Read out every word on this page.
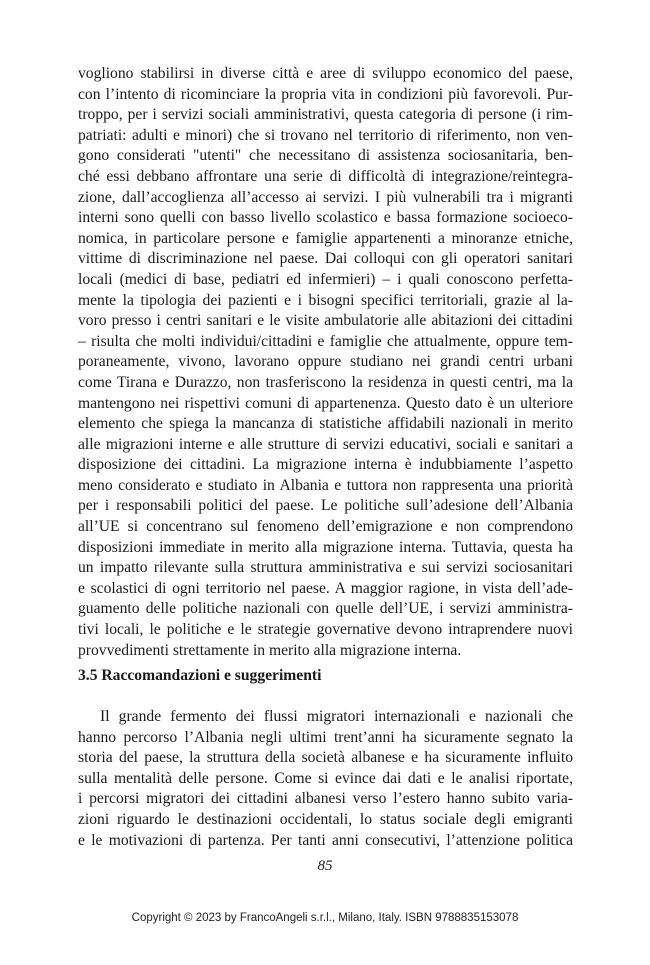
vogliono stabilirsi in diverse città e aree di sviluppo economico del paese,
con l’intento di ricominciare la propria vita in condizioni più favorevoli. Pur-
troppo, per i servizi sociali amministrativi, questa categoria di persone (i rim-
patriati: adulti e minori) che si trovano nel territorio di riferimento, non ven-
gono considerati "utenti" che necessitano di assistenza sociosanitaria, ben-
ché essi debbano affrontare una serie di difficoltà di integrazione/reintegra-
zione, dall’accoglienza all’accesso ai servizi. I più vulnerabili tra i migranti
interni sono quelli con basso livello scolastico e bassa formazione socioeco-
nomica, in particolare persone e famiglie appartenenti a minoranze etniche,
vittime di discriminazione nel paese. Dai colloqui con gli operatori sanitari
locali (medici di base, pediatri ed infermieri) – i quali conoscono perfetta-
mente la tipologia dei pazienti e i bisogni specifici territoriali, grazie al la-
voro presso i centri sanitari e le visite ambulatorie alle abitazioni dei cittadini
– risulta che molti individui/cittadini e famiglie che attualmente, oppure tem-
poraneamente, vivono, lavorano oppure studiano nei grandi centri urbani
come Tirana e Durazzo, non trasferiscono la residenza in questi centri, ma la
mantengono nei rispettivi comuni di appartenenza. Questo dato è un ulteriore
elemento che spiega la mancanza di statistiche affidabili nazionali in merito
alle migrazioni interne e alle strutture di servizi educativi, sociali e sanitari a
disposizione dei cittadini. La migrazione interna è indubbiamente l’aspetto
meno considerato e studiato in Albania e tuttora non rappresenta una priorità
per i responsabili politici del paese. Le politiche sull’adesione dell’Albania
all’UE si concentrano sul fenomeno dell’emigrazione e non comprendono
disposizioni immediate in merito alla migrazione interna. Tuttavia, questa ha
un impatto rilevante sulla struttura amministrativa e sui servizi sociosanitari
e scolastici di ogni territorio nel paese. A maggior ragione, in vista dell’ade-
guamento delle politiche nazionali con quelle dell’UE, i servizi amministra-
tivi locali, le politiche e le strategie governative devono intraprendere nuovi
provvedimenti strettamente in merito alla migrazione interna.
3.5 Raccomandazioni e suggerimenti
Il grande fermento dei flussi migratori internazionali e nazionali che
hanno percorso l’Albania negli ultimi trent’anni ha sicuramente segnato la
storia del paese, la struttura della società albanese e ha sicuramente influito
sulla mentalità delle persone. Come si evince dai dati e le analisi riportate,
i percorsi migratori dei cittadini albanesi verso l’estero hanno subito varia-
zioni riguardo le destinazioni occidentali, lo status sociale degli emigranti
e le motivazioni di partenza. Per tanti anni consecutivi, l’attenzione politica
85
Copyright © 2023 by FrancoAngeli s.r.l., Milano, Italy. ISBN 9788835153078
